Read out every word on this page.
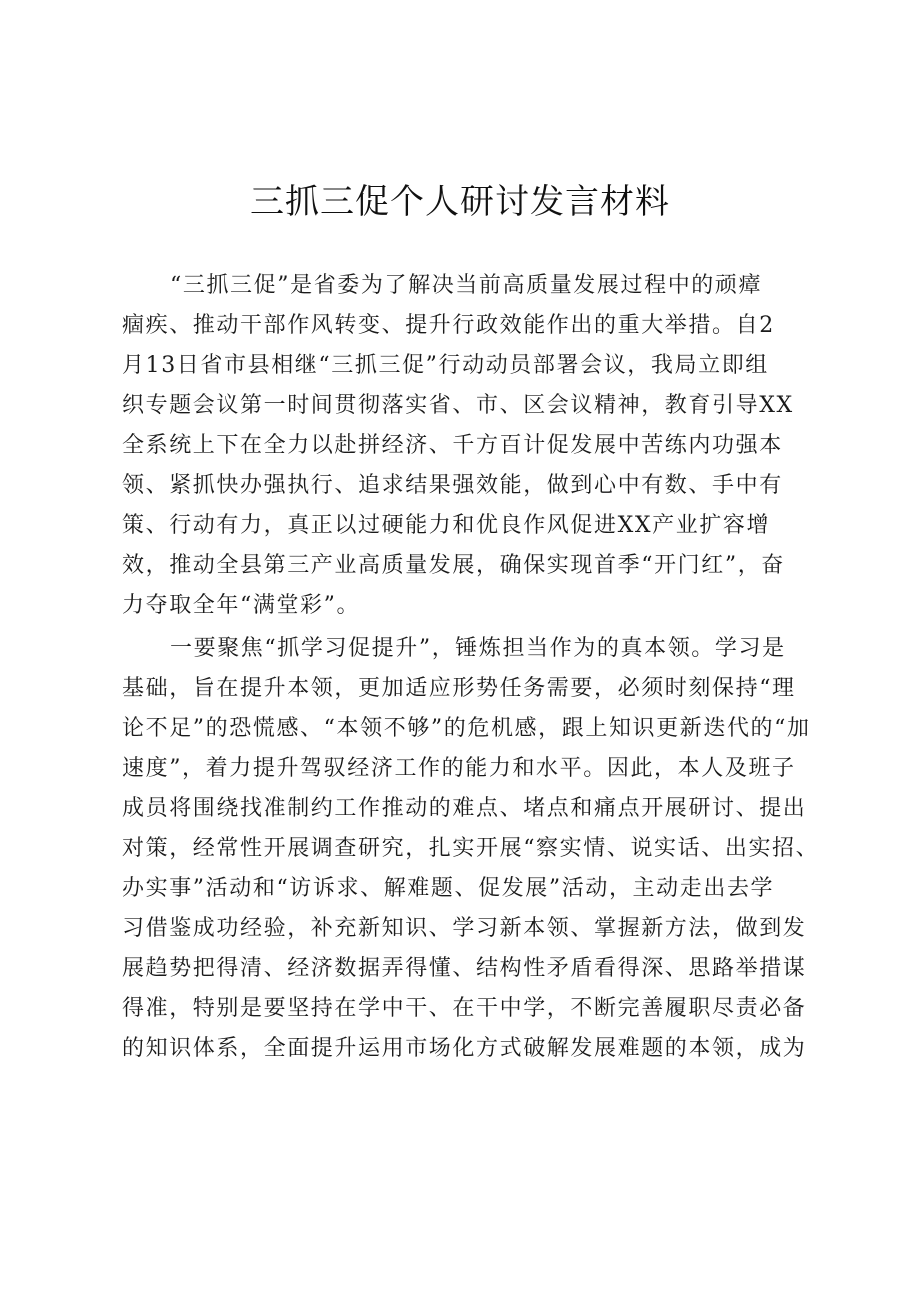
三抓三促个人研讨发言材料
“三抓三促”是省委为了解决当前高质量发展过程中的顽瘴
痼疾、推动干部作风转变、提升行政效能作出的重大举措。自2
月13日省市县相继“三抓三促”行动动员部署会议，我局立即组
织专题会议第一时间贯彻落实省、市、区会议精神，教育引导XX
全系统上下在全力以赴拼经济、千方百计促发展中苦练内功强本
领、紧抓快办强执行、追求结果强效能，做到心中有数、手中有
策、行动有力，真正以过硬能力和优良作风促进XX产业扩容增
效，推动全县第三产业高质量发展，确保实现首季“开门红”，奋
力夺取全年“满堂彩”。
一要聚焦“抓学习促提升”，锤炼担当作为的真本领。学习是
基础，旨在提升本领，更加适应形势任务需要，必须时刻保持“理
论不足”的恐慌感、“本领不够”的危机感，跟上知识更新迭代的“加
速度”，着力提升驾驭经济工作的能力和水平。因此，本人及班子
成员将围绕找准制约工作推动的难点、堵点和痛点开展研讨、提出
对策，经常性开展调查研究，扎实开展“察实情、说实话、出实招、
办实事”活动和“访诉求、解难题、促发展”活动，主动走出去学
习借鉴成功经验，补充新知识、学习新本领、掌握新方法，做到发
展趋势把得清、经济数据弄得懂、结构性矛盾看得深、思路举措谋
得准，特别是要坚持在学中干、在干中学，不断完善履职尽责必备
的知识体系，全面提升运用市场化方式破解发展难题的本领，成为
